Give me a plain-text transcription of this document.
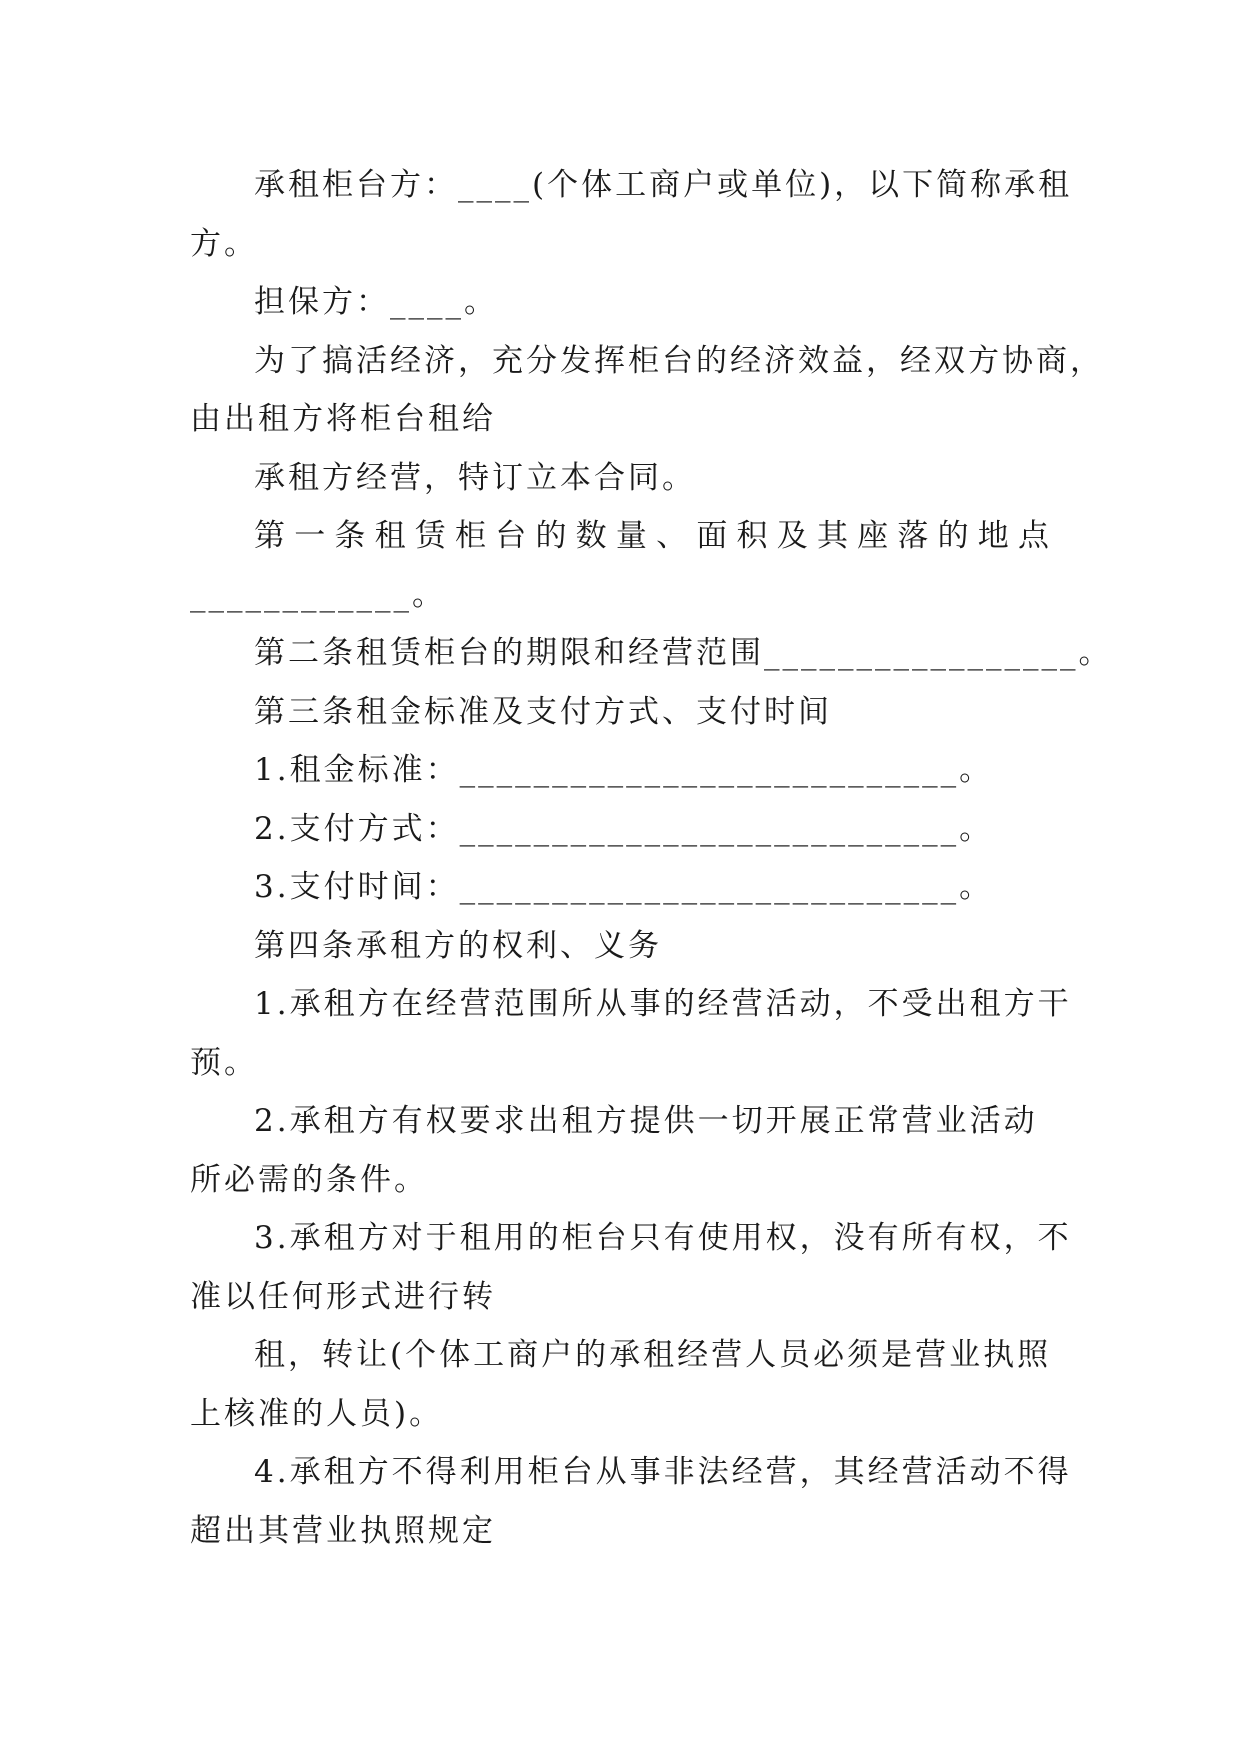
承租柜台方：____(个体工商户或单位)，以下简称承租
方。
担保方：____。
为了搞活经济，充分发挥柜台的经济效益，经双方协商，
由出租方将柜台租给
承租方经营，特订立本合同。
第一条租赁柜台的数量、面积及其座落的地点
____________。
第二条租赁柜台的期限和经营范围_________________。
第三条租金标准及支付方式、支付时间
1.租金标准：___________________________。
2.支付方式：___________________________。
3.支付时间：___________________________。
第四条承租方的权利、义务
1.承租方在经营范围所从事的经营活动，不受出租方干
预。
2.承租方有权要求出租方提供一切开展正常营业活动
所必需的条件。
3.承租方对于租用的柜台只有使用权，没有所有权，不
准以任何形式进行转
租，转让(个体工商户的承租经营人员必须是营业执照
上核准的人员)。
4.承租方不得利用柜台从事非法经营，其经营活动不得
超出其营业执照规定
